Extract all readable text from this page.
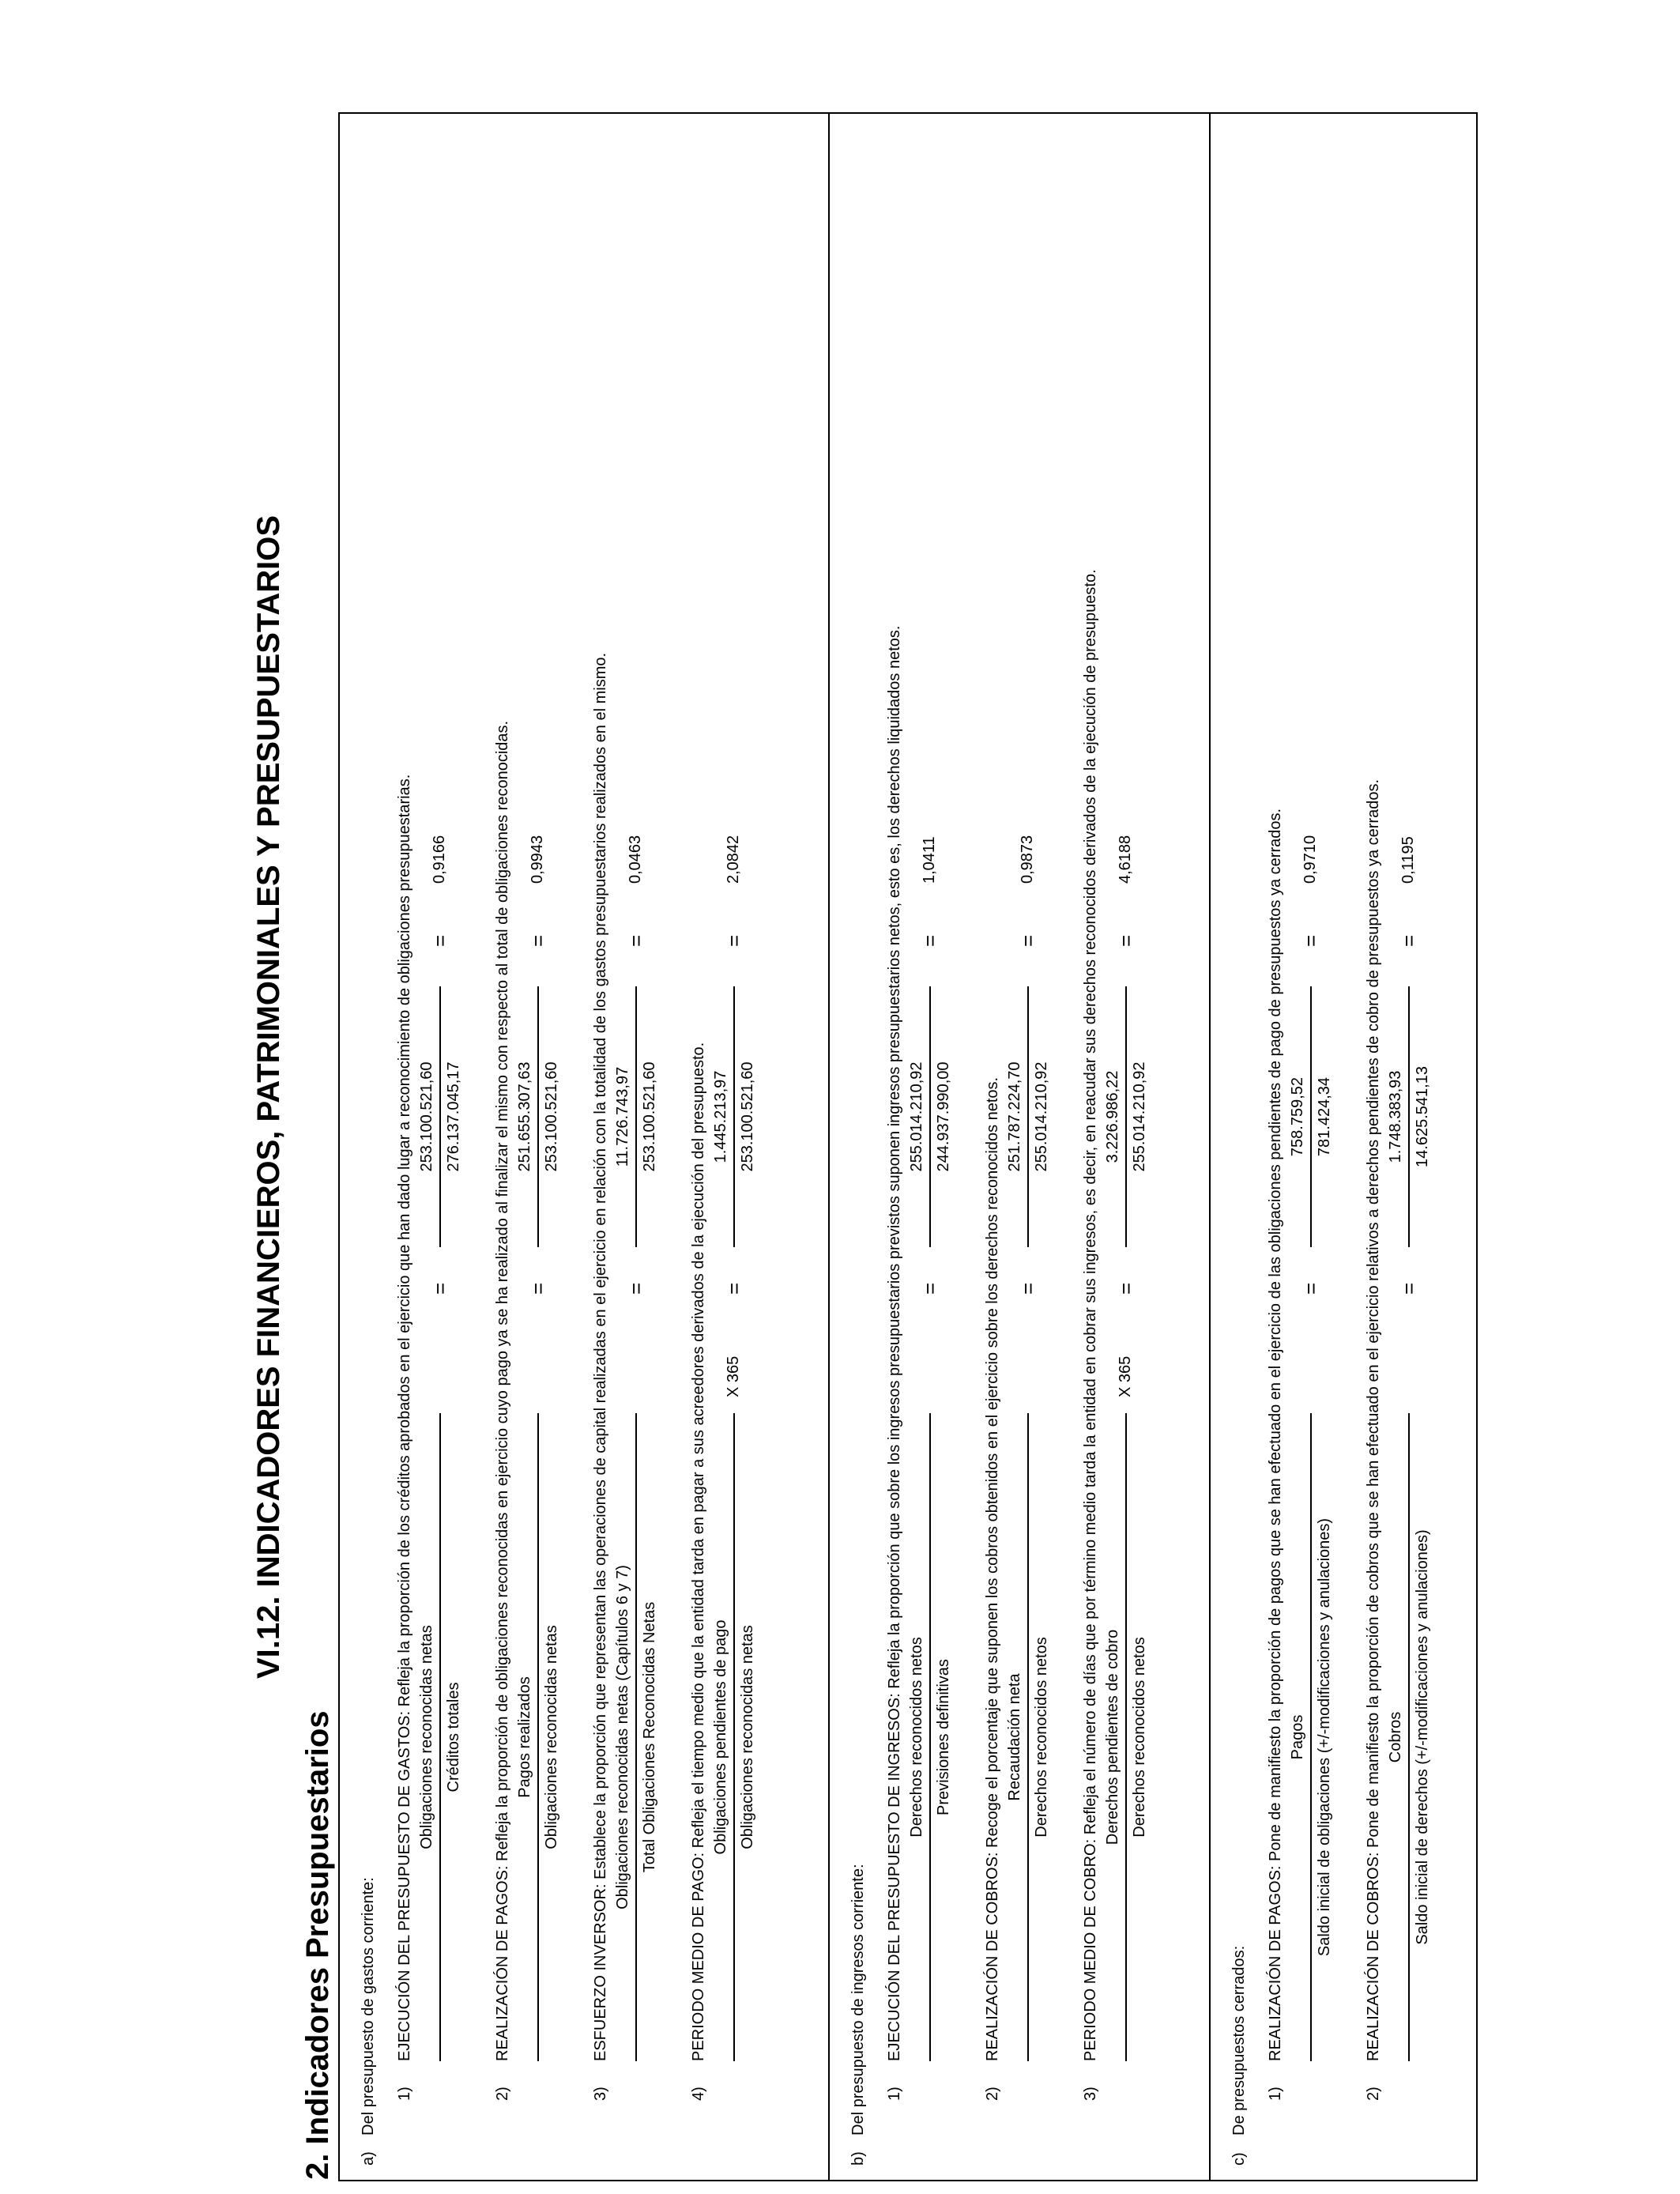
VI.12. INDICADORES FINANCIEROS, PATRIMONIALES Y PRESUPUESTARIOS
2. Indicadores Presupuestarios a)
Del presupuesto de gastos corriente: 1)
EJECUCIÓN DEL PRESUPUESTO DE GASTOS: Refleja la proporción de los créditos aprobados en el ejercicio que han dado lugar a reconocimiento de obligaciones presupuestarias. Obligaciones reconocidas netas Créditos totales
=
253.100.521,60 276.137.045,17
=
0,9166
2)
REALIZACIÓN DE PAGOS: Refleja la proporción de obligaciones reconocidas en ejercicio cuyo pago ya se ha realizado al finalizar el mismo con respecto al total de obligaciones reconocidas. Pagos realizados Obligaciones reconocidas netas
=
251.655.307,63 253.100.521,60
=
0,9943
3)
ESFUERZO INVERSOR: Establece la proporción que representan las operaciones de capital realizadas en el ejercicio en relación con la totalidad de los gastos presupuestarios realizados en el mismo. Obligaciones reconocidas netas (Capítulos 6 y 7) Total Obligaciones Reconocidas Netas
=
11.726.743,97 253.100.521,60
=
0,0463
4)
PERIODO MEDIO DE PAGO: Refleja el tiempo medio que la entidad tarda en pagar a sus acreedores derivados de la ejecución del presupuesto. Obligaciones pendientes de pago Obligaciones reconocidas netas
X 365
=
1.445.213,97 253.100.521,60
=
2,0842
b)
Del presupuesto de ingresos corriente: 1)
EJECUCIÓN DEL PRESUPUESTO DE INGRESOS: Refleja la proporción que sobre los ingresos presupuestarios previstos suponen ingresos presupuestarios netos, esto es, los derechos liquidados netos. Derechos reconocidos netos Previsiones definitivas
=
255.014.210,92 244.937.990,00
=
1,0411
2)
REALIZACIÓN DE COBROS: Recoge el porcentaje que suponen los cobros obtenidos en el ejercicio sobre los derechos reconocidos netos. Recaudación neta Derechos reconocidos netos
=
251.787.224,70 255.014.210,92
=
0,9873
3)
PERIODO MEDIO DE COBRO: Refleja el número de días que por término medio tarda la entidad en cobrar sus ingresos, es decir, en reacudar sus derechos reconocidos derivados de la ejecución de presupuesto. Derechos pendientes de cobro Derechos reconocidos netos
X 365
=
3.226.986,22 255.014.210,92
=
4,6188
c)
De presupuestos cerrados: 1)
REALIZACIÓN DE PAGOS: Pone de manifiesto la proporción de pagos que se han efectuado en el ejercicio de las obligaciones pendientes de pago de presupuestos ya cerrados. Pagos Saldo inicial de obligaciones (+/-modificaciones y anulaciones)
=
758.759,52 781.424,34
=
0,9710
2)
REALIZACIÓN DE COBROS: Pone de manifiesto la proporción de cobros que se han efectuado en el ejercicio relativos a derechos pendientes de cobro de presupuestos ya cerrados. Cobros Saldo inicial de derechos (+/-modificaciones y anulaciones)
=
1.748.383,93 14.625.541,13
=
0,1195
